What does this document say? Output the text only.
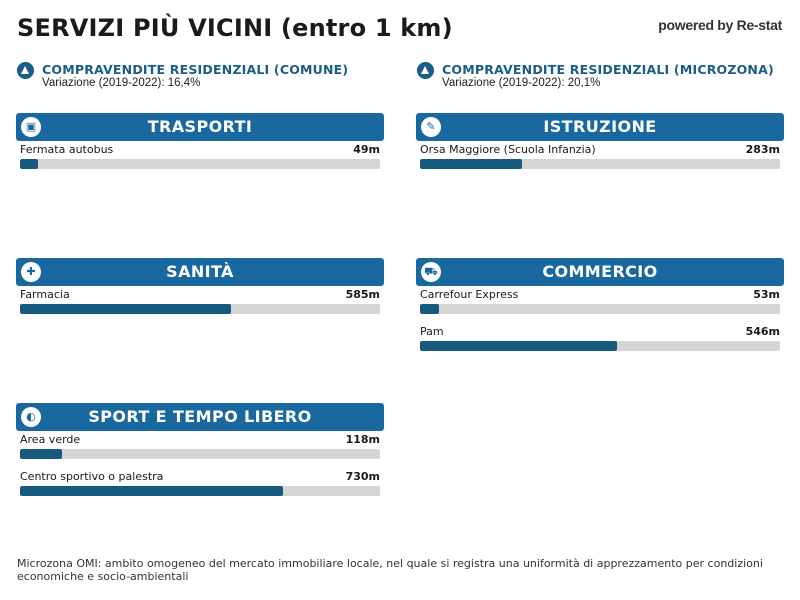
SERVIZI PIÙ VICINI (entro 1 km)	powered by Re-stat
COMPRAVENDITE RESIDENZIALI (COMUNE)
Variazione (2019-2022): 16,4%
COMPRAVENDITE RESIDENZIALI (MICROZONA)
Variazione (2019-2022): 20,1%
▣	TRASPORTI
Fermata autobus	49m
✎	ISTRUZIONE
Orsa Maggiore (Scuola Infanzia)	283m
✚	SANITÀ
Farmacia	585m
⛟	COMMERCIO
Carrefour Express	53m
Pam	546m
◐	SPORT E TEMPO LIBERO
Area verde	118m
Centro sportivo o palestra	730m
Microzona OMI: ambito omogeneo del mercato immobiliare locale, nel quale si registra una uniformità di apprezzamento per condizioni economiche e socio-ambientali
